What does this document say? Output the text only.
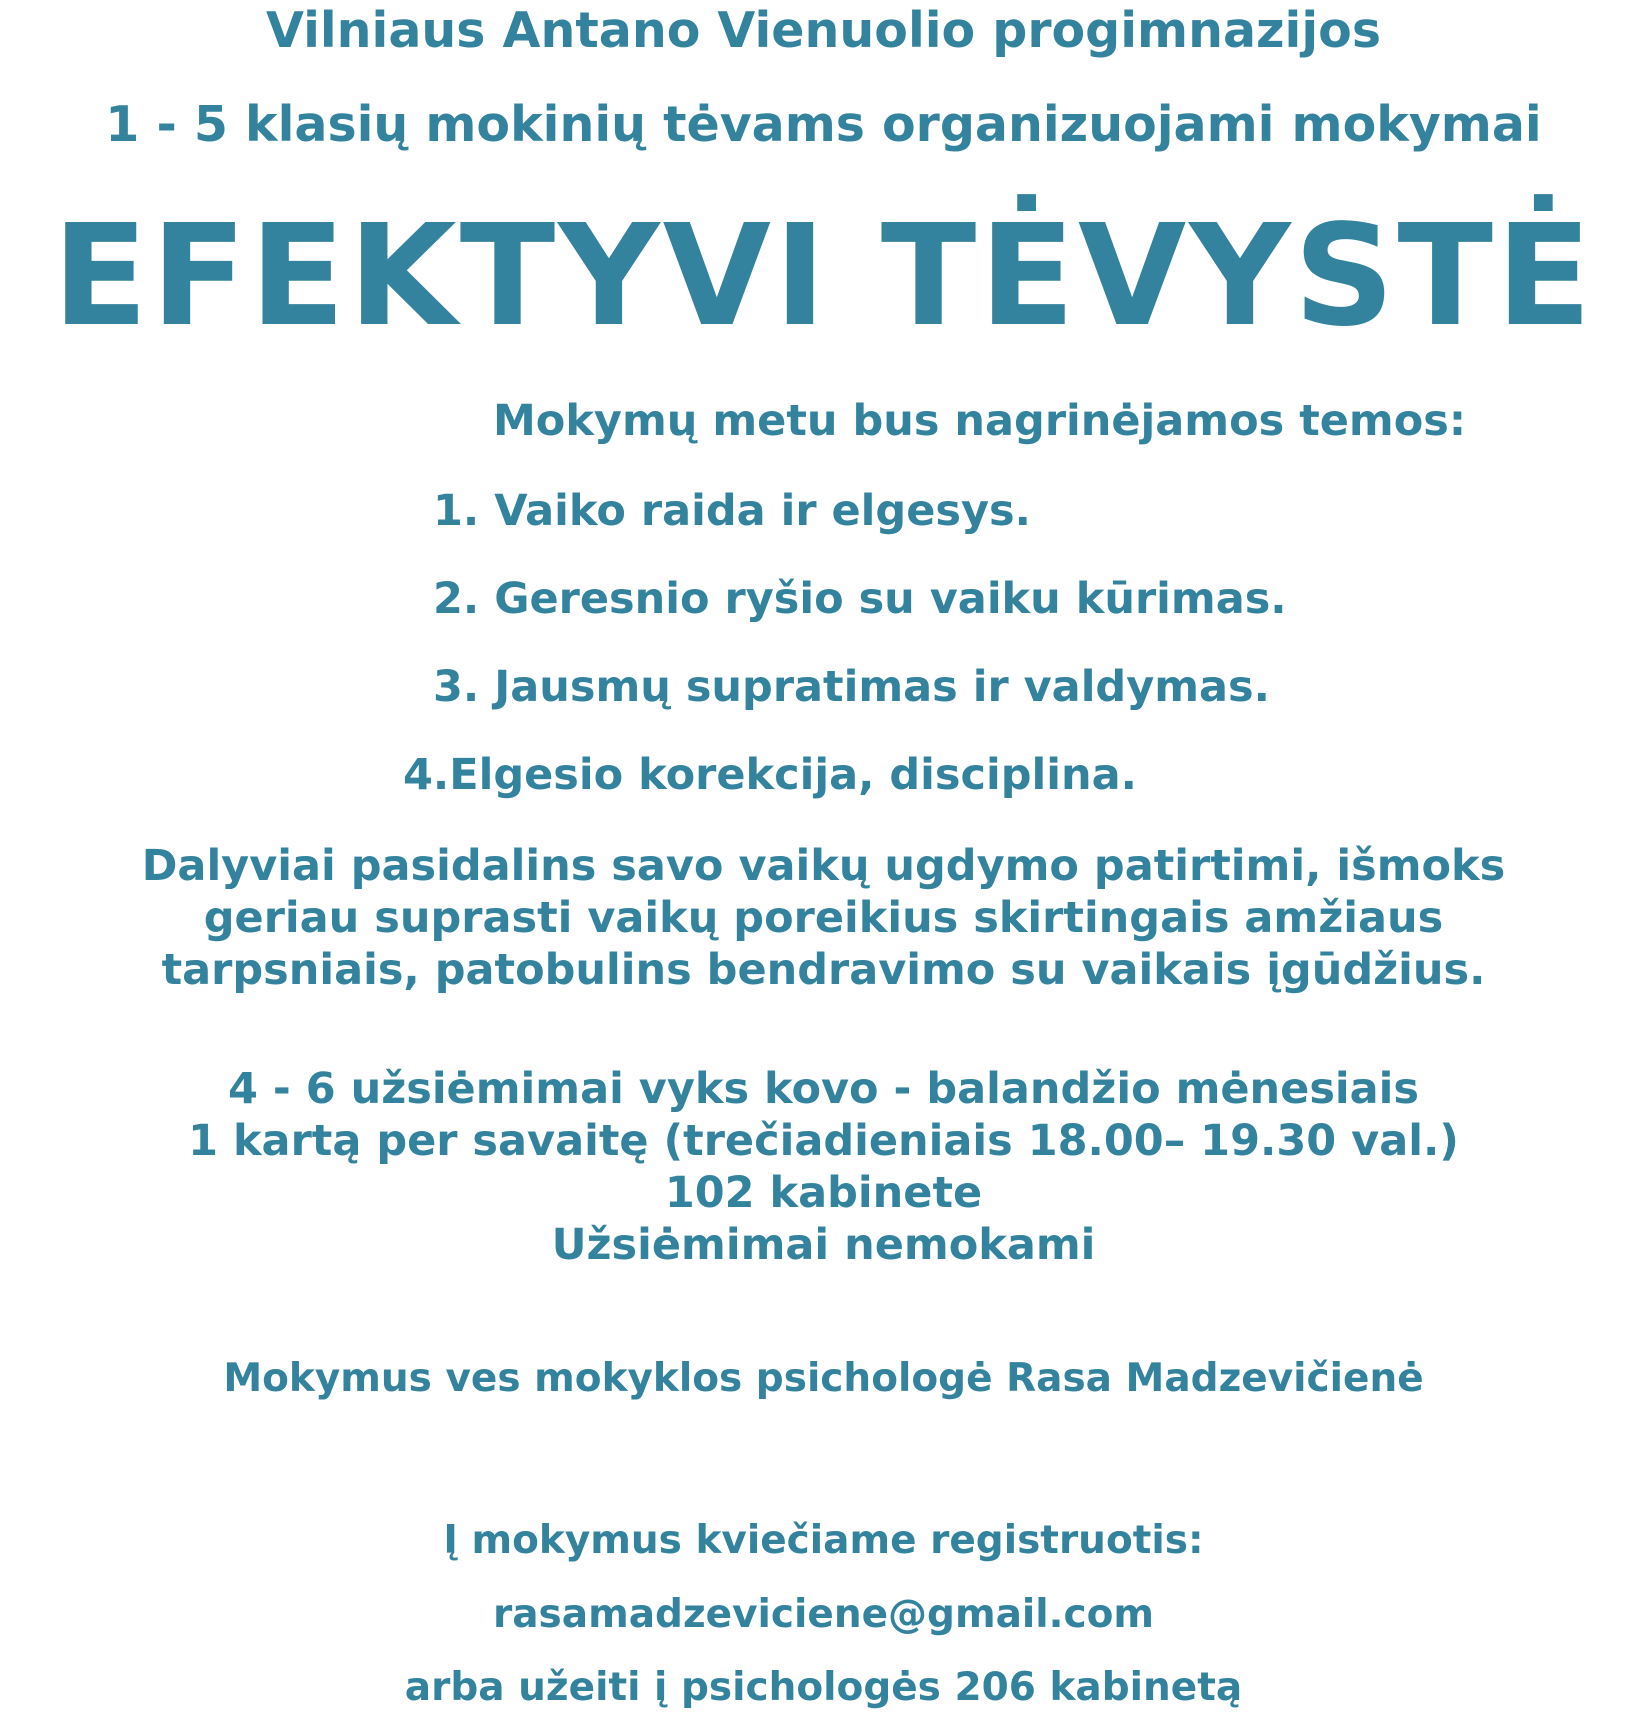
Vilniaus Antano Vienuolio progimnazijos
1 - 5 klasių mokinių tėvams organizuojami mokymai
EFEKTYVI TĖVYSTĖ
Mokymų metu bus nagrinėjamos temos:
1. Vaiko raida ir elgesys.
2. Geresnio ryšio su vaiku kūrimas.
3. Jausmų supratimas ir valdymas.
4.Elgesio korekcija, disciplina.
Dalyviai pasidalins savo vaikų ugdymo patirtimi, išmoks
geriau suprasti vaikų poreikius skirtingais amžiaus
tarpsniais, patobulins bendravimo su vaikais įgūdžius.
4 - 6 užsiėmimai vyks kovo - balandžio mėnesiais
1 kartą per savaitę (trečiadieniais 18.00– 19.30 val.)
102 kabinete
Užsiėmimai nemokami
Mokymus ves mokyklos psichologė Rasa Madzevičienė
Į mokymus kviečiame registruotis:
rasamadzeviciene@gmail.com
arba užeiti į psichologės 206 kabinetą
